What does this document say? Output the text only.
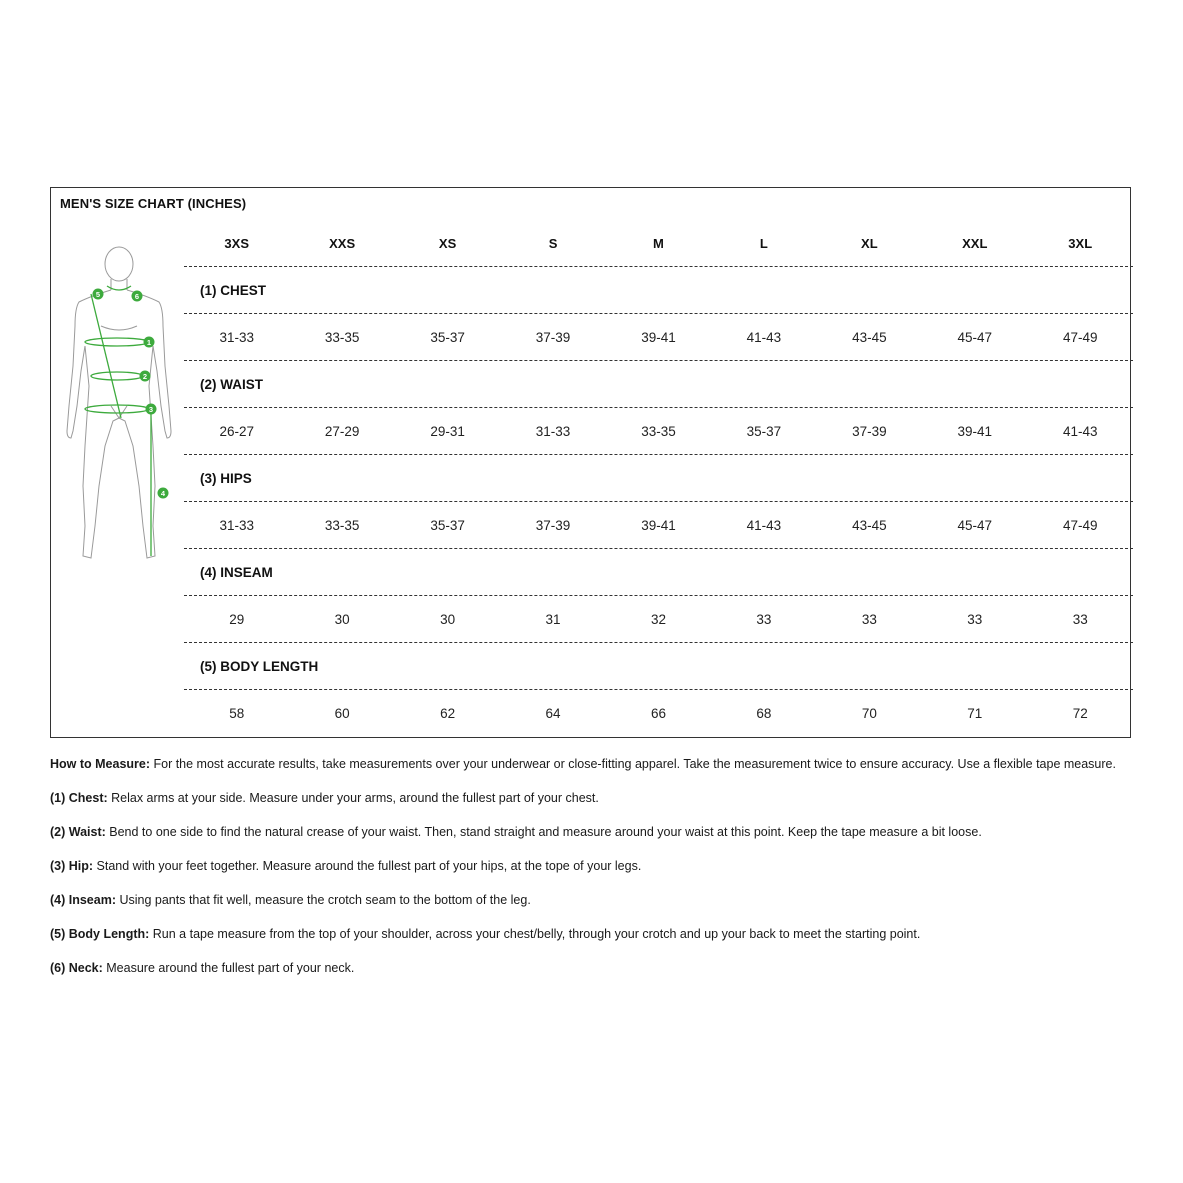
MEN'S SIZE CHART (INCHES)
1
2
3
4
5	6
3XS	XXS	XS	S	M	L	XL	XXL	3XL
(1) CHEST
31-33	33-35	35-37	37-39	39-41	41-43	43-45	45-47	47-49
(2) WAIST
26-27	27-29	29-31	31-33	33-35	35-37	37-39	39-41	41-43
(3) HIPS
31-33	33-35	35-37	37-39	39-41	41-43	43-45	45-47	47-49
(4) INSEAM
29	30	30	31	32	33	33	33	33
(5) BODY LENGTH
58	60	62	64	66	68	70	71	72

How to Measure: For the most accurate results, take measurements over your underwear or close-fitting apparel. Take the measurement twice to ensure accuracy. Use a flexible tape measure.

(1) Chest: Relax arms at your side. Measure under your arms, around the fullest part of your chest.

(2) Waist: Bend to one side to find the natural crease of your waist. Then, stand straight and measure around your waist at this point. Keep the tape measure a bit loose.

(3) Hip: Stand with your feet together. Measure around the fullest part of your hips, at the tope of your legs.

(4) Inseam: Using pants that fit well, measure the crotch seam to the bottom of the leg.

(5) Body Length: Run a tape measure from the top of your shoulder, across your chest/belly, through your crotch and up your back to meet the starting point.

(6) Neck: Measure around the fullest part of your neck.
